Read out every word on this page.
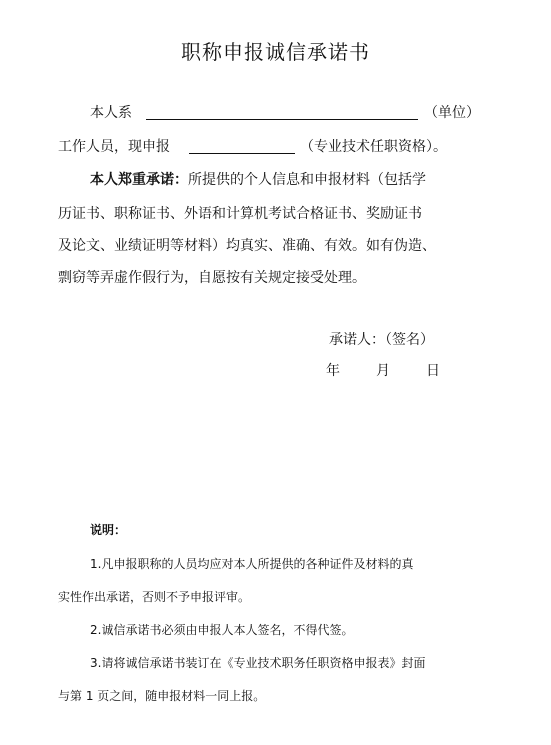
职称申报诚信承诺书
本人系	（单位）
工作人员，现申报	（专业技术任职资格）。
本人郑重承诺：所提供的个人信息和申报材料（包括学
历证书、职称证书、外语和计算机考试合格证书、奖励证书
及论文、业绩证明等材料）均真实、准确、有效。如有伪造、
剽窃等弄虚作假行为，自愿按有关规定接受处理。
承诺人：（签名）
年	月	日
说明：
1.凡申报职称的人员均应对本人所提供的各种证件及材料的真
实性作出承诺，否则不予申报评审。
2.诚信承诺书必须由申报人本人签名，不得代签。
3.请将诚信承诺书装订在《专业技术职务任职资格申报表》封面
与第 1 页之间，随申报材料一同上报。
